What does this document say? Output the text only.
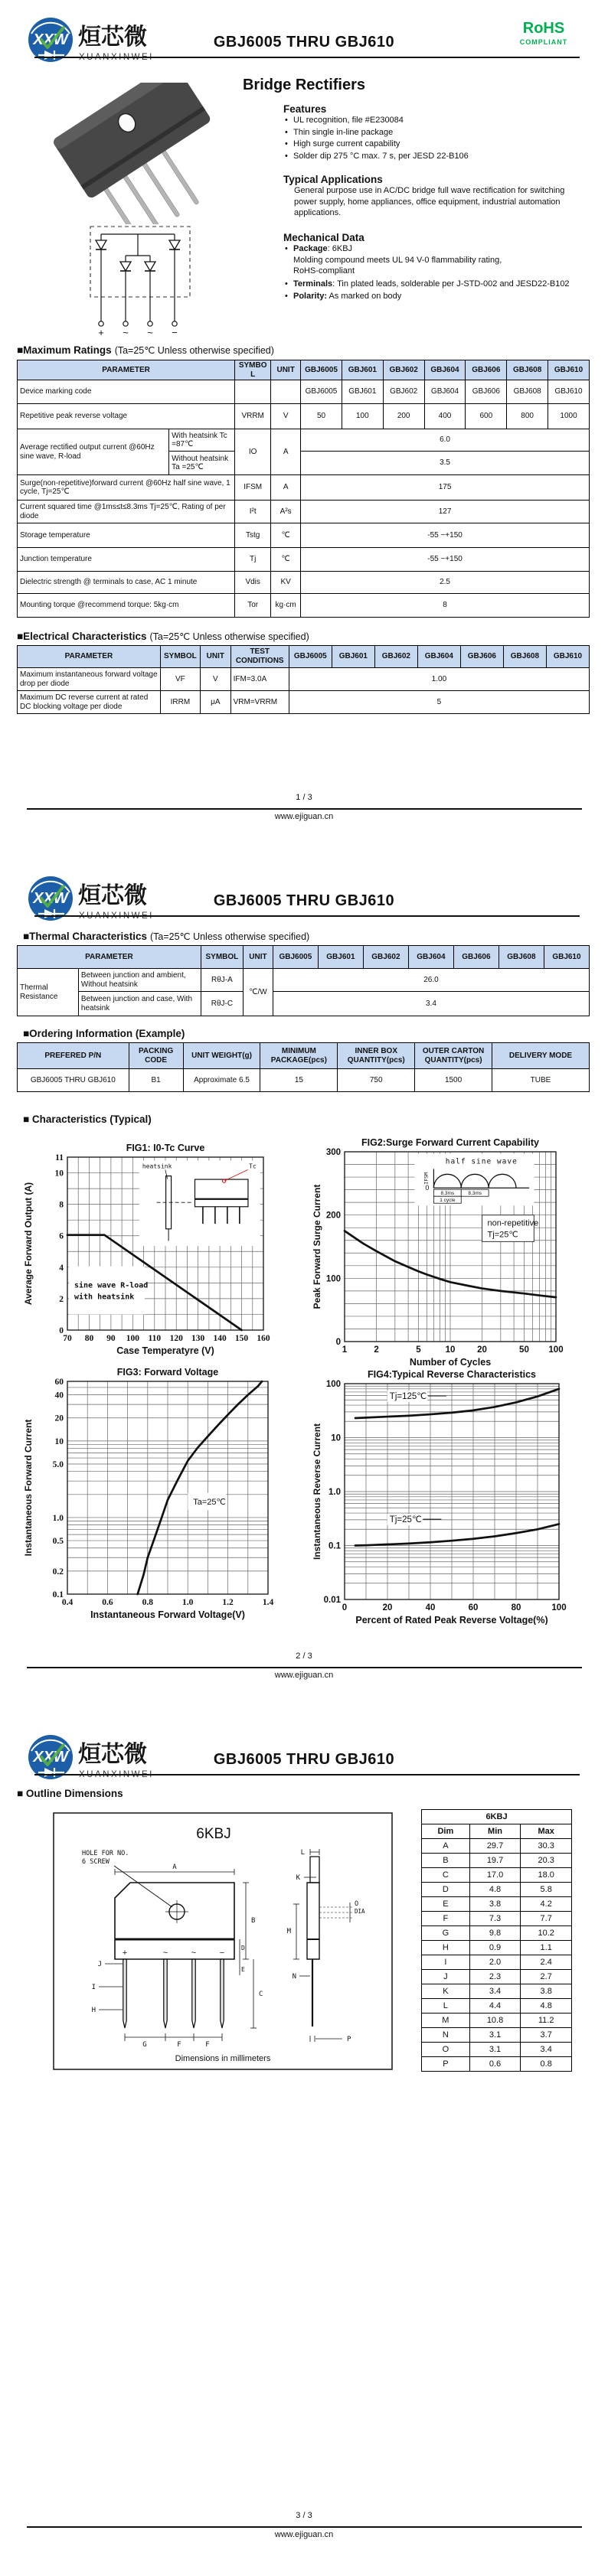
XXW 烜芯微	GBJ6005 THRU GBJ610
RoHS
COMPLIANT
Bridge Rectifiers
+ ~ ~ −
Features
• UL recognition, file #E230084
• Thin single in-line package
• High surge current capability
• Solder dip 275 °C max. 7 s, per JESD 22-B106
Typical Applications
General purpose use in AC/DC bridge full wave rectification for switching power supply, home appliances, office equipment, industrial automation applications.
Mechanical Data
• Package: 6KBJ
Molding compound meets UL 94 V-0 flammability rating, RoHS-compliant
• Terminals: Tin plated leads, solderable per J-STD-002 and JESD22-B102
• Polarity: As marked on body
■Maximum Ratings (Ta=25℃ Unless otherwise specified)
PARAMETER		SYMBOL	UNIT	GBJ6005	GBJ601	GBJ602	GBJ604	GBJ606	GBJ608	GBJ610
Device marking code				GBJ6005	GBJ601	GBJ602	GBJ604	GBJ606	GBJ608	GBJ610
Repetitive peak reverse voltage		VRRM	V	50	100	200	400	600	800	1000
Average rectified output current @60Hz sine wave, R-load	With heatsink Tc =87℃	IO	A	6.0						
	Without heatsink Ta =25℃			3.5						
Surge(non-repetitive)forward current @60Hz half sine wave, 1 cycle, Tj=25℃		IFSM	A	175						
Current squared time @1ms≤t≤8.3ms Tj=25℃, Rating of per diode		I²t	A²s	127						
Storage temperature		Tstg	℃	-55 ~+150						
Junction temperature		Tj	℃	-55 ~+150						
Dielectric strength @ terminals to case, AC 1 minute		Vdis	KV	2.5						
Mounting torque @recommend torque: 5kg·cm		Tor	kg·cm	8						
■Electrical Characteristics (Ta=25℃ Unless otherwise specified)
PARAMETER	SYMBOL	UNIT	TEST CONDITIONS	GBJ6005	GBJ601	GBJ602	GBJ604	GBJ606	GBJ608	GBJ610
Maximum instantaneous forward voltage drop per diode	VF	V	IFM=3.0A	1.00						
Maximum DC reverse current at rated DC blocking voltage per diode	IRRM	μA	VRM=VRRM	5						
1 / 3
www.ejiguan.cn
XXW 烜芯微	GBJ6005 THRU GBJ610
■Thermal Characteristics (Ta=25℃ Unless otherwise specified)
PARAMETER		SYMBOL	UNIT	GBJ6005	GBJ601	GBJ602	GBJ604	GBJ606	GBJ608	GBJ610
Thermal Resistance	Between junction and ambient, Without heatsink	RθJ-A	℃/W	26.0						
	Between junction and case, With heatsink	RθJ-C		3.4						
■Ordering Information (Example)
PREFERED P/N	PACKING CODE	UNIT WEIGHT(g)	MINIMUM PACKAGE(pcs)	INNER BOX QUANTITY(pcs)	OUTER CARTON QUANTITY(pcs)	DELIVERY MODE
GBJ6005 THRU GBJ610	B1	Approximate 6.5	15	750	1500	TUBE
■ Characteristics (Typical)
sine wave R-load
with heatsink
heatsink	Tc
70 80 90 100 110 120 130 140 150 160
0
2
4
6
8
10
11
FIG1: I0-Tc Curve
Case Temperatyre (V)
Average Forward Output (A)	non-repetitive
Tj=25℃
half sine wave
0
IFSM
8.3ms	8.3ms
1 cycle
1	2	5	10 20	50 100
0
100
200
300
FIG2:Surge Forward Current Capability
Number of Cycles
Peak Forward Surge Current
Ta=25℃
0.4	0.6	0.8	1.0	1.2	1.4
0.1
0.2
0.5
1.0
5.0
10
20
40
60
FIG3: Forward Voltage
Instantaneous Forward Voltage(V)
Instantaneous Forward Current
0	20	40	60	80	100
0.01
0.1
1.0
10
100
FIG4:Typical Reverse Characteristics
Percent of Rated Peak Reverse Voltage(%)
Instantaneous Reverse Current
Tj=125℃
Tj=25℃
2 / 3
www.ejiguan.cn
XXW 烜芯微	GBJ6005 THRU GBJ610
■ Outline Dimensions
6KBJ
HOLE FOR NO.
6 SCREW
+	~	~	−
A
B
D
E
C
G	F	F
J
I
H
L
K
M
O
DIA
N
P
Dimensions in millimeters
6KBJ		
Dim	Min	Max
A	29.7	30.3
B	19.7	20.3
C	17.0	18.0
D	4.8	5.8
E	3.8	4.2
F	7.3	7.7
G	9.8	10.2
H	0.9	1.1
I	2.0	2.4
J	2.3	2.7
K	3.4	3.8
L	4.4	4.8
M	10.8	11.2
N	3.1	3.7
O	3.1	3.4
P	0.6	0.8
3 / 3
www.ejiguan.cn
